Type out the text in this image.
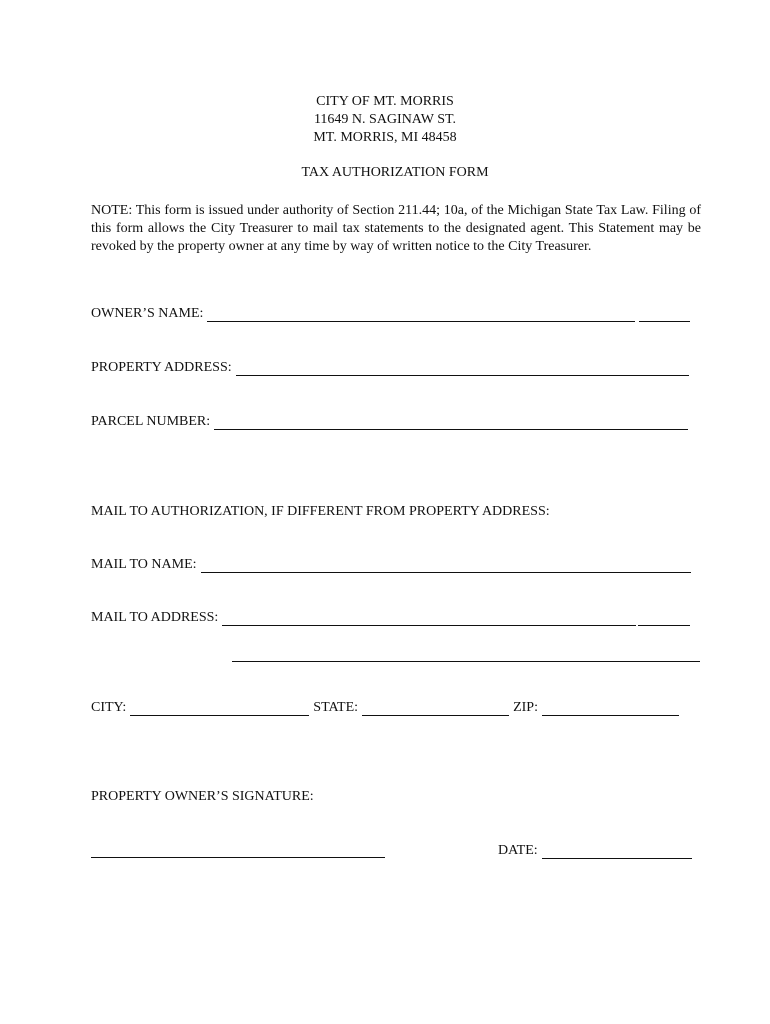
CITY OF MT. MORRIS
11649 N. SAGINAW ST.
MT. MORRIS, MI 48458
TAX AUTHORIZATION FORM
NOTE: This form is issued under authority of Section 211.44; 10a, of the Michigan State Tax Law. Filing of this form allows the City Treasurer to mail tax statements to the designated agent. This Statement may be revoked by the property owner at any time by way of written notice to the City Treasurer.
OWNER’S NAME:
PROPERTY ADDRESS:
PARCEL NUMBER:
MAIL TO AUTHORIZATION, IF DIFFERENT FROM PROPERTY ADDRESS:
MAIL TO NAME:
MAIL TO ADDRESS:
CITY:	STATE:	ZIP:
PROPERTY OWNER’S SIGNATURE:
DATE:
